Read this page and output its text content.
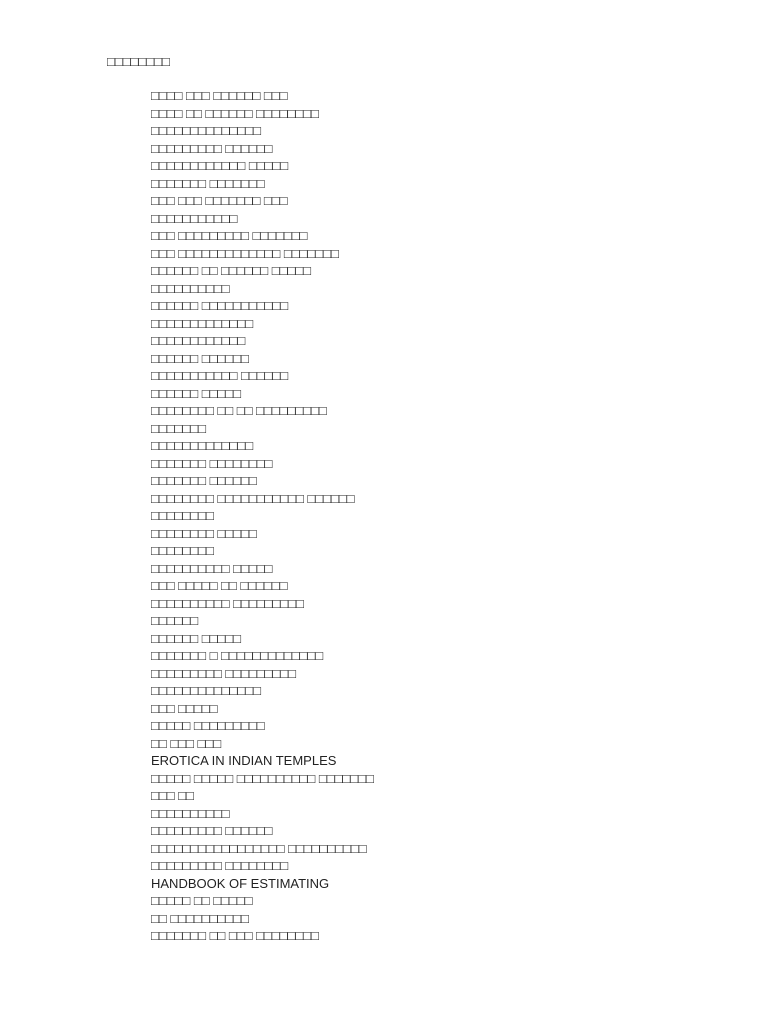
□□□□□□□□
□□□□ □□□ □□□□□□ □□□
□□□□ □□ □□□□□□ □□□□□□□□
□□□□□□□□□□□□□□
□□□□□□□□□ □□□□□□
□□□□□□□□□□□□ □□□□□
□□□□□□□ □□□□□□□
□□□ □□□ □□□□□□□ □□□
□□□□□□□□□□□
□□□ □□□□□□□□□ □□□□□□□
□□□ □□□□□□□□□□□□□ □□□□□□□
□□□□□□ □□ □□□□□□ □□□□□
□□□□□□□□□□
□□□□□□ □□□□□□□□□□□
□□□□□□□□□□□□□
□□□□□□□□□□□□
□□□□□□ □□□□□□
□□□□□□□□□□□ □□□□□□
□□□□□□ □□□□□
□□□□□□□□ □□ □□ □□□□□□□□□
□□□□□□□
□□□□□□□□□□□□□
□□□□□□□ □□□□□□□□
□□□□□□□ □□□□□□
□□□□□□□□ □□□□□□□□□□□ □□□□□□
□□□□□□□□
□□□□□□□□ □□□□□
□□□□□□□□
□□□□□□□□□□ □□□□□
□□□ □□□□□ □□ □□□□□□
□□□□□□□□□□ □□□□□□□□□
□□□□□□
□□□□□□ □□□□□
□□□□□□□ □ □□□□□□□□□□□□□
□□□□□□□□□ □□□□□□□□□
□□□□□□□□□□□□□□
□□□ □□□□□
□□□□□ □□□□□□□□□
□□ □□□ □□□
EROTICA IN INDIAN TEMPLES
□□□□□ □□□□□ □□□□□□□□□□ □□□□□□□
□□□ □□
□□□□□□□□□□
□□□□□□□□□ □□□□□□
□□□□□□□□□□□□□□□□□ □□□□□□□□□□
□□□□□□□□□ □□□□□□□□
HANDBOOK OF ESTIMATING
□□□□□ □□ □□□□□
□□ □□□□□□□□□□
□□□□□□□ □□ □□□ □□□□□□□□
